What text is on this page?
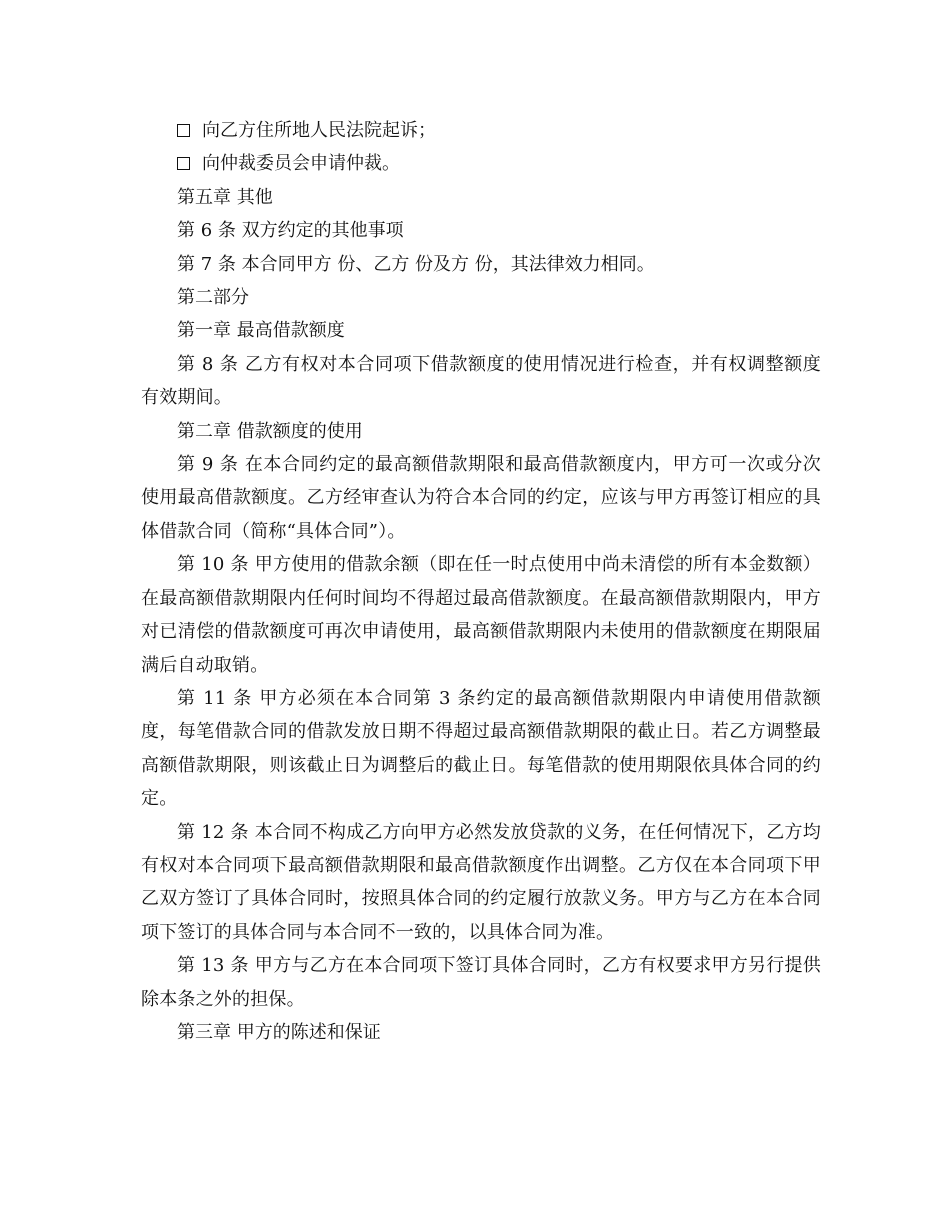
向乙方住所地人民法院起诉；

向仲裁委员会申请仲裁。

第五章 其他

第 6 条 双方约定的其他事项

第 7 条 本合同甲方 份、乙方 份及方 份，其法律效力相同。

第二部分

第一章 最高借款额度

第 8 条 乙方有权对本合同项下借款额度的使用情况进行检查，并有权调整额度有效期间。

第二章 借款额度的使用

第 9 条 在本合同约定的最高额借款期限和最高借款额度内，甲方可一次或分次使用最高借款额度。乙方经审查认为符合本合同的约定，应该与甲方再签订相应的具体借款合同（简称“具体合同”）。

第 10 条 甲方使用的借款余额（即在任一时点使用中尚未清偿的所有本金数额）在最高额借款期限内任何时间均不得超过最高借款额度。在最高额借款期限内，甲方对已清偿的借款额度可再次申请使用，最高额借款期限内未使用的借款额度在期限届满后自动取销。

第 11 条 甲方必须在本合同第 3 条约定的最高额借款期限内申请使用借款额度，每笔借款合同的借款发放日期不得超过最高额借款期限的截止日。若乙方调整最高额借款期限，则该截止日为调整后的截止日。每笔借款的使用期限依具体合同的约定。

第 12 条 本合同不构成乙方向甲方必然发放贷款的义务，在任何情况下，乙方均有权对本合同项下最高额借款期限和最高借款额度作出调整。乙方仅在本合同项下甲乙双方签订了具体合同时，按照具体合同的约定履行放款义务。甲方与乙方在本合同项下签订的具体合同与本合同不一致的，以具体合同为准。

第 13 条 甲方与乙方在本合同项下签订具体合同时，乙方有权要求甲方另行提供除本条之外的担保。

第三章 甲方的陈述和保证
